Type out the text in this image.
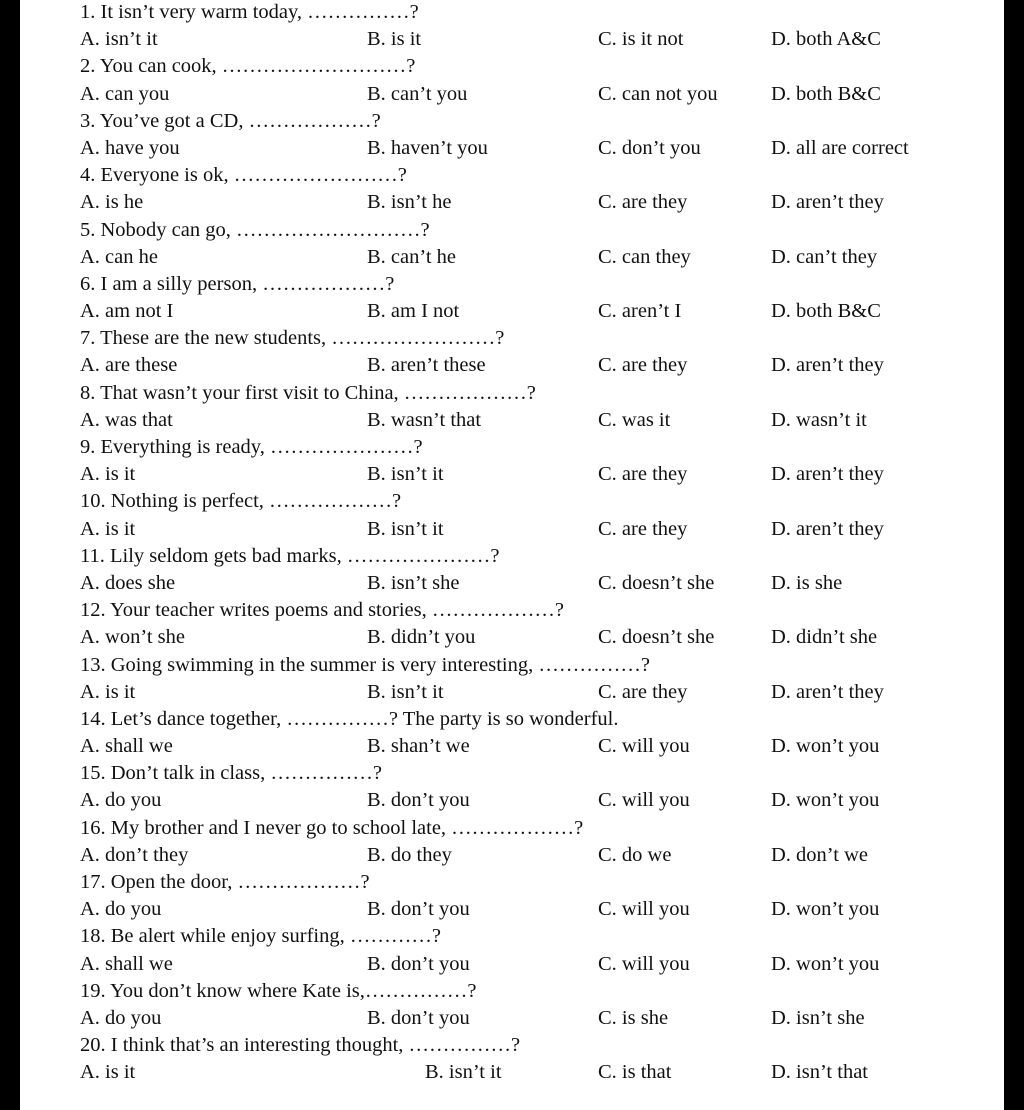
1. It isn’t very warm today, ……………?
A. isn’t it	B. is it	C. is it not	D. both A&C
2. You can cook, ………………………?
A. can you	B. can’t you	C. can not you	D. both B&C
3. You’ve got a CD, ………………?
A. have you	B. haven’t you	C. don’t you	D. all are correct
4. Everyone is ok, ……………………?
A. is he	B. isn’t he	C. are they	D. aren’t they
5. Nobody can go, ………………………?
A. can he	B. can’t he	C. can they	D. can’t they
6. I am a silly person, ………………?
A. am not I	B. am I not	C. aren’t I	D. both B&C
7. These are the new students, ……………………?
A. are these	B. aren’t these	C. are they	D. aren’t they
8. That wasn’t your first visit to China, ………………?
A. was that	B. wasn’t that	C. was it	D. wasn’t it
9. Everything is ready, …………………?
A. is it	B. isn’t it	C. are they	D. aren’t they
10. Nothing is perfect, ………………?
A. is it	B. isn’t it	C. are they	D. aren’t they
11. Lily seldom gets bad marks, …………………?
A. does she	B. isn’t she	C. doesn’t she	D. is she
12. Your teacher writes poems and stories, ………………?
A. won’t she	B. didn’t you	C. doesn’t she	D. didn’t she
13. Going swimming in the summer is very interesting, ……………?
A. is it	B. isn’t it	C. are they	D. aren’t they
14. Let’s dance together, ……………? The party is so wonderful.
A. shall we	B. shan’t we	C. will you	D. won’t you
15. Don’t talk in class, ……………?
A. do you	B. don’t you	C. will you	D. won’t you
16. My brother and I never go to school late, ………………?
A. don’t they	B. do they	C. do we	D. don’t we
17. Open the door, ………………?
A. do you	B. don’t you	C. will you	D. won’t you
18. Be alert while enjoy surfing, …………?
A. shall we	B. don’t you	C. will you	D. won’t you
19. You don’t know where Kate is,……………?
A. do you	B. don’t you	C. is she	D. isn’t she
20. I think that’s an interesting thought, ……………?
A. is it	B. isn’t it	C. is that	D. isn’t that
